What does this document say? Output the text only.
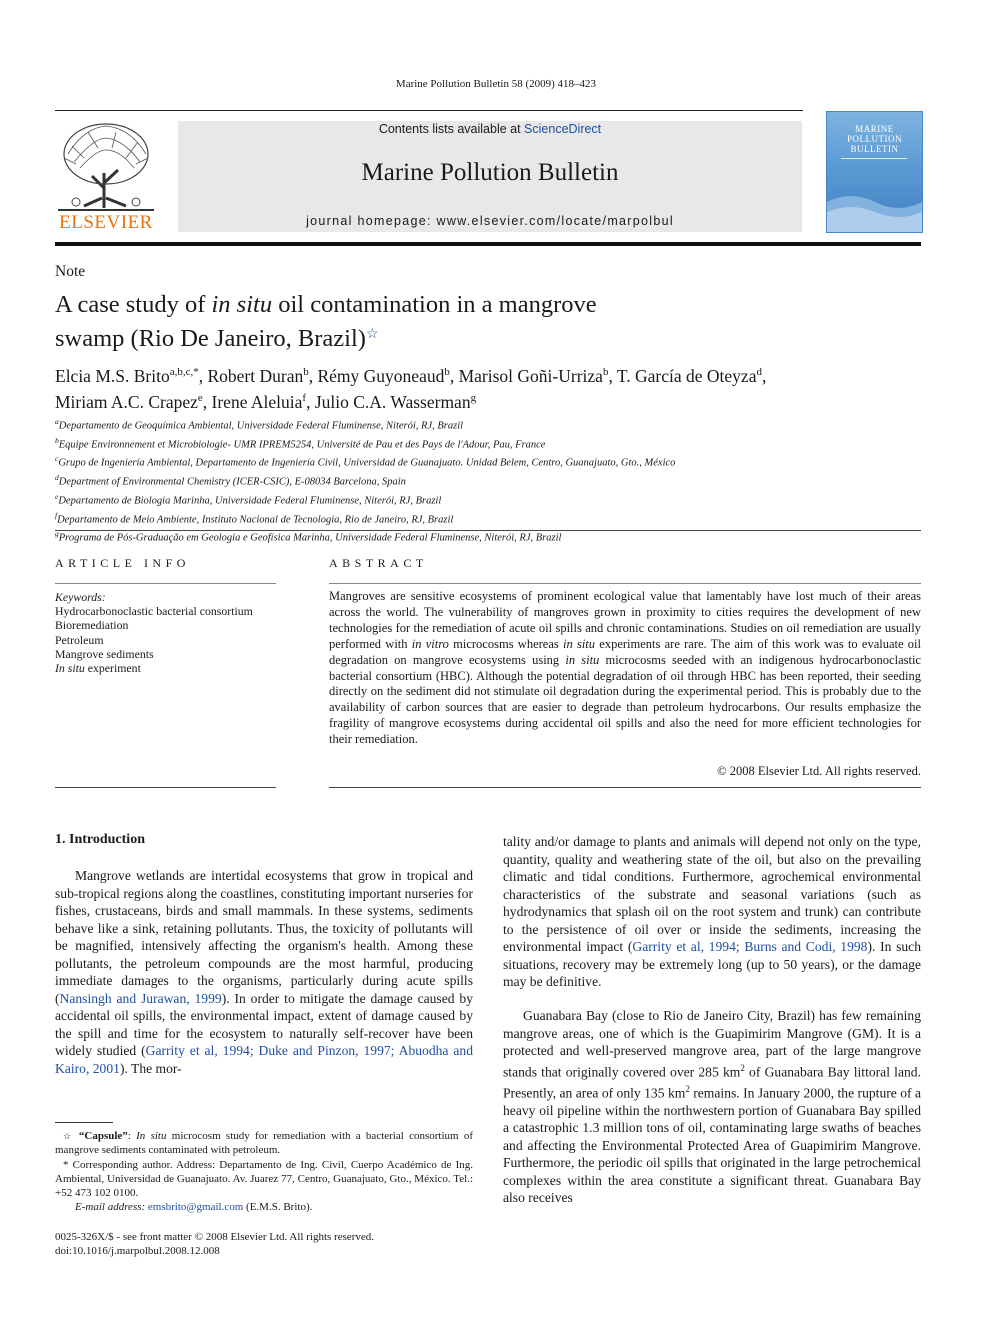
Marine Pollution Bulletin 58 (2009) 418–423
ELSEVIER
Contents lists available at ScienceDirect
Marine Pollution Bulletin
journal homepage: www.elsevier.com/locate/marpolbul
MARINE
POLLUTION
BULLETIN
Note
A case study of in situ oil contamination in a mangrove
swamp (Rio De Janeiro, Brazil)☆
Elcia M.S. Brito$^{a,b,c,*}$, Robert Duran$^b$, Rémy Guyoneaud$^b$, Marisol Goñi-Urriza$^b$, T. García de Oteyza$^d$,
Miriam A.C. Crapez$^e$, Irene Aleluia$^f$, Julio C.A. Wasserman$^g$
$^a$Departamento de Geoquímica Ambiental, Universidade Federal Fluminense, Niterói, RJ, Brazil
$^b$Equipe Environnement et Microbiologie- UMR IPREM5254, Université de Pau et des Pays de l'Adour, Pau, France
$^c$Grupo de Ingeniería Ambiental, Departamento de Ingeniería Civil, Universidad de Guanajuato. Unidad Belem, Centro, Guanajuato, Gto., México
$^d$Department of Environmental Chemistry (ICER-CSIC), E-08034 Barcelona, Spain
$^e$Departamento de Biologia Marinha, Universidade Federal Fluminense, Niterói, RJ, Brazil
$^f$Departamento de Meio Ambiente, Instituto Nacional de Tecnologia, Rio de Janeiro, RJ, Brazil
$^g$Programa de Pós-Graduação em Geologia e Geofísica Marinha, Universidade Federal Fluminense, Niterói, RJ, Brazil
ARTICLE INFO
Keywords:
Hydrocarbonoclastic bacterial consortium
Bioremediation
Petroleum
Mangrove sediments
In situ experiment
ABSTRACT
Mangroves are sensitive ecosystems of prominent ecological value that lamentably have lost much of their areas across the world. The vulnerability of mangroves grown in proximity to cities requires the development of new technologies for the remediation of acute oil spills and chronic contaminations. Studies on oil remediation are usually performed with in vitro microcosms whereas in situ experiments are rare. The aim of this work was to evaluate oil degradation on mangrove ecosystems using in situ microcosms seeded with an indigenous hydrocarbonoclastic bacterial consortium (HBC). Although the potential degradation of oil through HBC has been reported, their seeding directly on the sediment did not stimulate oil degradation during the experimental period. This is probably due to the availability of carbon sources that are easier to degrade than petroleum hydrocarbons. Our results emphasize the fragility of mangrove ecosystems during accidental oil spills and also the need for more efficient technologies for their remediation.
© 2008 Elsevier Ltd. All rights reserved.
1. Introduction
Mangrove wetlands are intertidal ecosystems that grow in tropical and sub-tropical regions along the coastlines, constituting important nurseries for fishes, crustaceans, birds and small mammals. In these systems, sediments behave like a sink, retaining pollutants. Thus, the toxicity of pollutants will be magnified, intensively affecting the organism's health. Among these pollutants, the petroleum compounds are the most harmful, producing immediate damages to the organisms, particularly during acute spills (Nansingh and Jurawan, 1999). In order to mitigate the damage caused by accidental oil spills, the environmental impact, extent of damage caused by the spill and time for the ecosystem to naturally self-recover have been widely studied (Garrity et al, 1994; Duke and Pinzon, 1997; Abuodha and Kairo, 2001). The mor-
tality and/or damage to plants and animals will depend not only on the type, quantity, quality and weathering state of the oil, but also on the prevailing climatic and tidal conditions. Furthermore, agrochemical environmental characteristics of the substrate and seasonal variations (such as hydrodynamics that splash oil on the root system and trunk) can contribute to the persistence of oil over or inside the sediments, increasing the environmental impact (Garrity et al, 1994; Burns and Codi, 1998). In such situations, recovery may be extremely long (up to 50 years), or the damage may be definitive.
Guanabara Bay (close to Rio de Janeiro City, Brazil) has few remaining mangrove areas, one of which is the Guapimirim Mangrove (GM). It is a protected and well-preserved mangrove area, part of the large mangrove stands that originally covered over 285 $km^2$ of Guanabara Bay littoral land. Presently, an area of only 135 $km^2$ remains. In January 2000, the rupture of a heavy oil pipeline within the northwestern portion of Guanabara Bay spilled a catastrophic 1.3 million tons of oil, contaminating large swaths of beaches and affecting the Environmental Protected Area of Guapimirim Mangrove. Furthermore, the periodic oil spills that originated in the large petrochemical complexes within the area constitute a significant threat. Guanabara Bay also receives
☆ “Capsule”: In situ microcosm study for remediation with a bacterial consortium of mangrove sediments contaminated with petroleum.
* Corresponding author. Address: Departamento de Ing. Civil, Cuerpo Académico de Ing. Ambiental, Universidad de Guanajuato. Av. Juarez 77, Centro, Guanajuato, Gto., México. Tel.: +52 473 102 0100.
E-mail address: emsbrito@gmail.com (E.M.S. Brito).
0025-326X/$ - see front matter © 2008 Elsevier Ltd. All rights reserved.
doi:10.1016/j.marpolbul.2008.12.008
